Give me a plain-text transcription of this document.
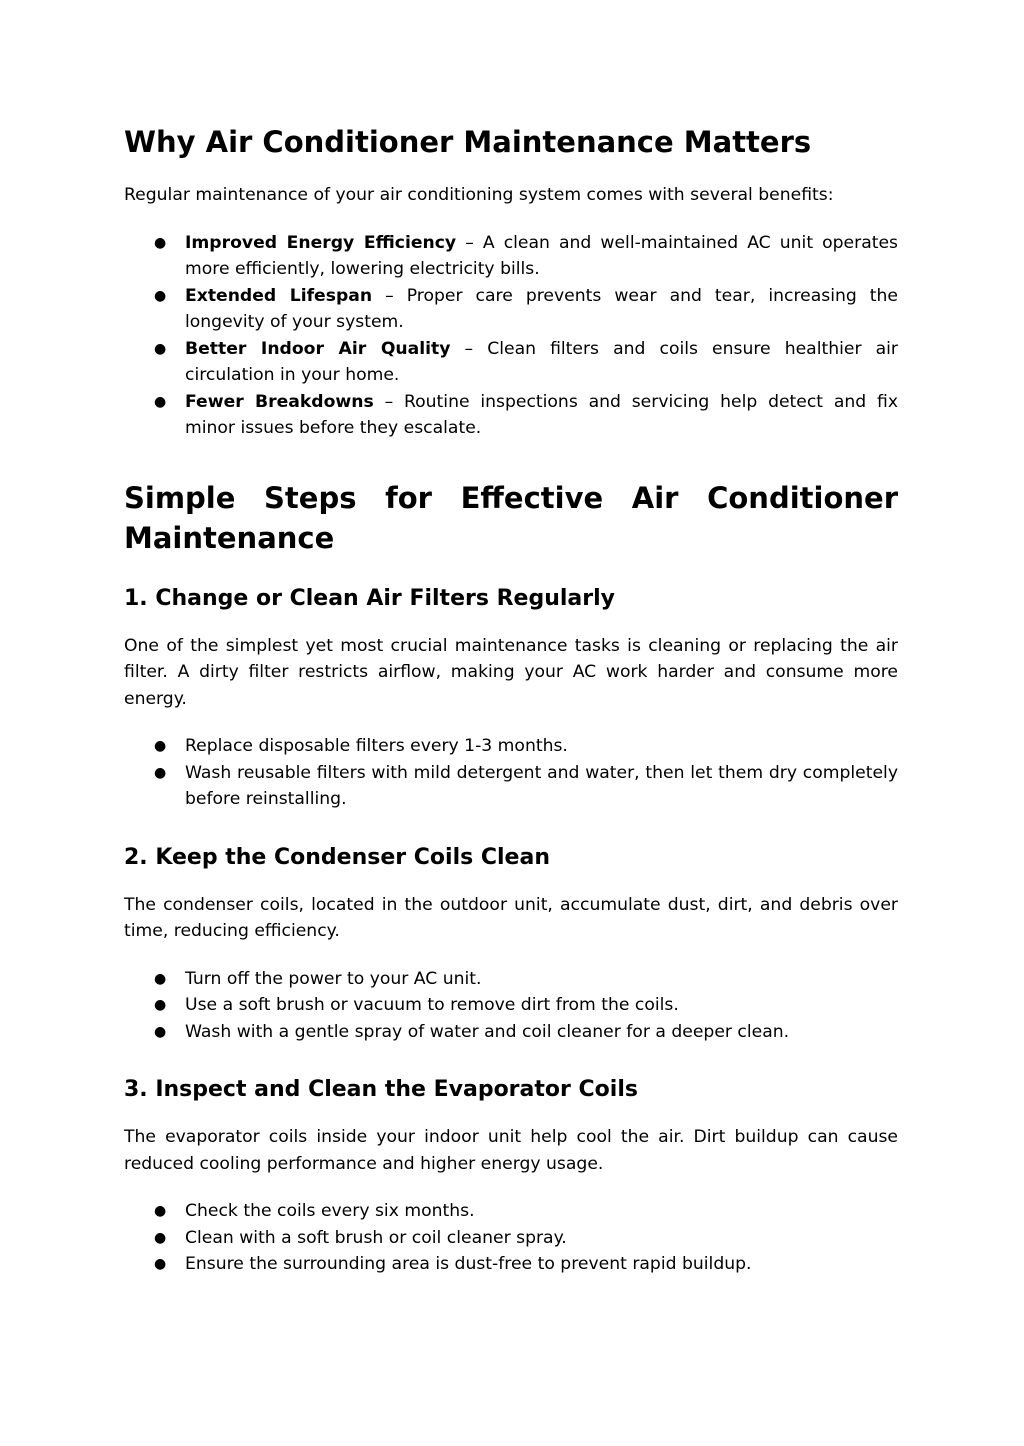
Why Air Conditioner Maintenance Matters

Regular maintenance of your air conditioning system comes with several benefits:

● Improved Energy Efficiency – A clean and well-maintained AC unit operates more efficiently, lowering electricity bills.
● Extended Lifespan – Proper care prevents wear and tear, increasing the longevity of your system.
● Better Indoor Air Quality – Clean filters and coils ensure healthier air circulation in your home.
● Fewer Breakdowns – Routine inspections and servicing help detect and fix minor issues before they escalate.
Simple Steps for Effective Air Conditioner Maintenance
1. Change or Clean Air Filters Regularly

One of the simplest yet most crucial maintenance tasks is cleaning or replacing the air filter. A dirty filter restricts airflow, making your AC work harder and consume more energy.

● Replace disposable filters every 1-3 months.
● Wash reusable filters with mild detergent and water, then let them dry completely before reinstalling.
2. Keep the Condenser Coils Clean

The condenser coils, located in the outdoor unit, accumulate dust, dirt, and debris over time, reducing efficiency.

● Turn off the power to your AC unit.
● Use a soft brush or vacuum to remove dirt from the coils.
● Wash with a gentle spray of water and coil cleaner for a deeper clean.
3. Inspect and Clean the Evaporator Coils

The evaporator coils inside your indoor unit help cool the air. Dirt buildup can cause reduced cooling performance and higher energy usage.

● Check the coils every six months.
● Clean with a soft brush or coil cleaner spray.
● Ensure the surrounding area is dust-free to prevent rapid buildup.
